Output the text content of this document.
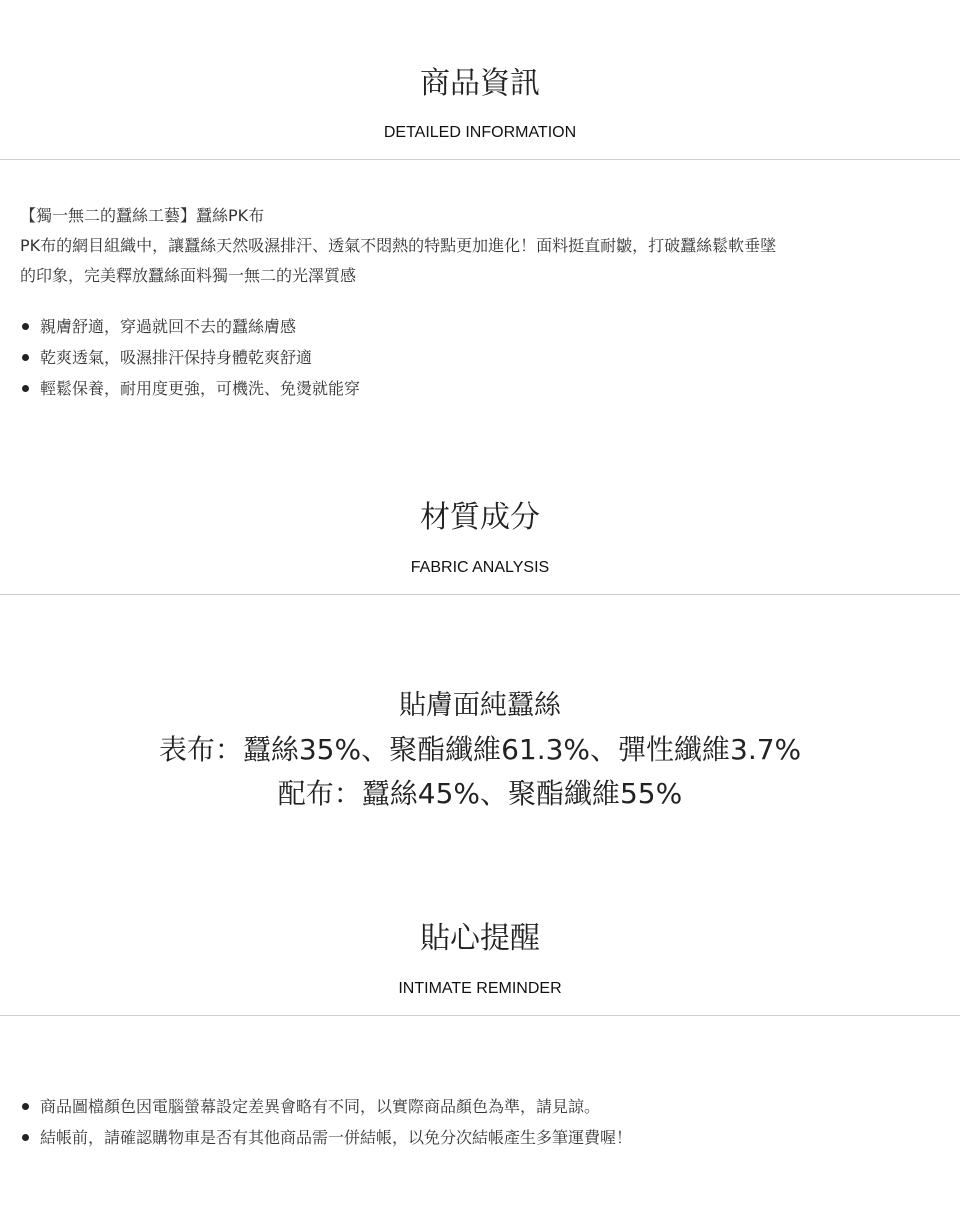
商品資訊

DETAILED INFORMATION

【獨一無二的蠶絲工藝】蠶絲PK布

PK布的網目組織中，讓蠶絲天然吸濕排汗、透氣不悶熱的特點更加進化！面料挺直耐皺，打破蠶絲鬆軟垂墜

的印象，完美釋放蠶絲面料獨一無二的光澤質感

親膚舒適，穿過就回不去的蠶絲膚感
乾爽透氣，吸濕排汗保持身體乾爽舒適
輕鬆保養，耐用度更強，可機洗、免燙就能穿
材質成分

FABRIC ANALYSIS

貼膚面純蠶絲

表布：蠶絲35%、聚酯纖維61.3%、彈性纖維3.7%

配布：蠶絲45%、聚酯纖維55%

貼心提醒

INTIMATE REMINDER

商品圖檔顏色因電腦螢幕設定差異會略有不同，以實際商品顏色為準，請見諒。
結帳前，請確認購物車是否有其他商品需一併結帳，以免分次結帳產生多筆運費喔！
